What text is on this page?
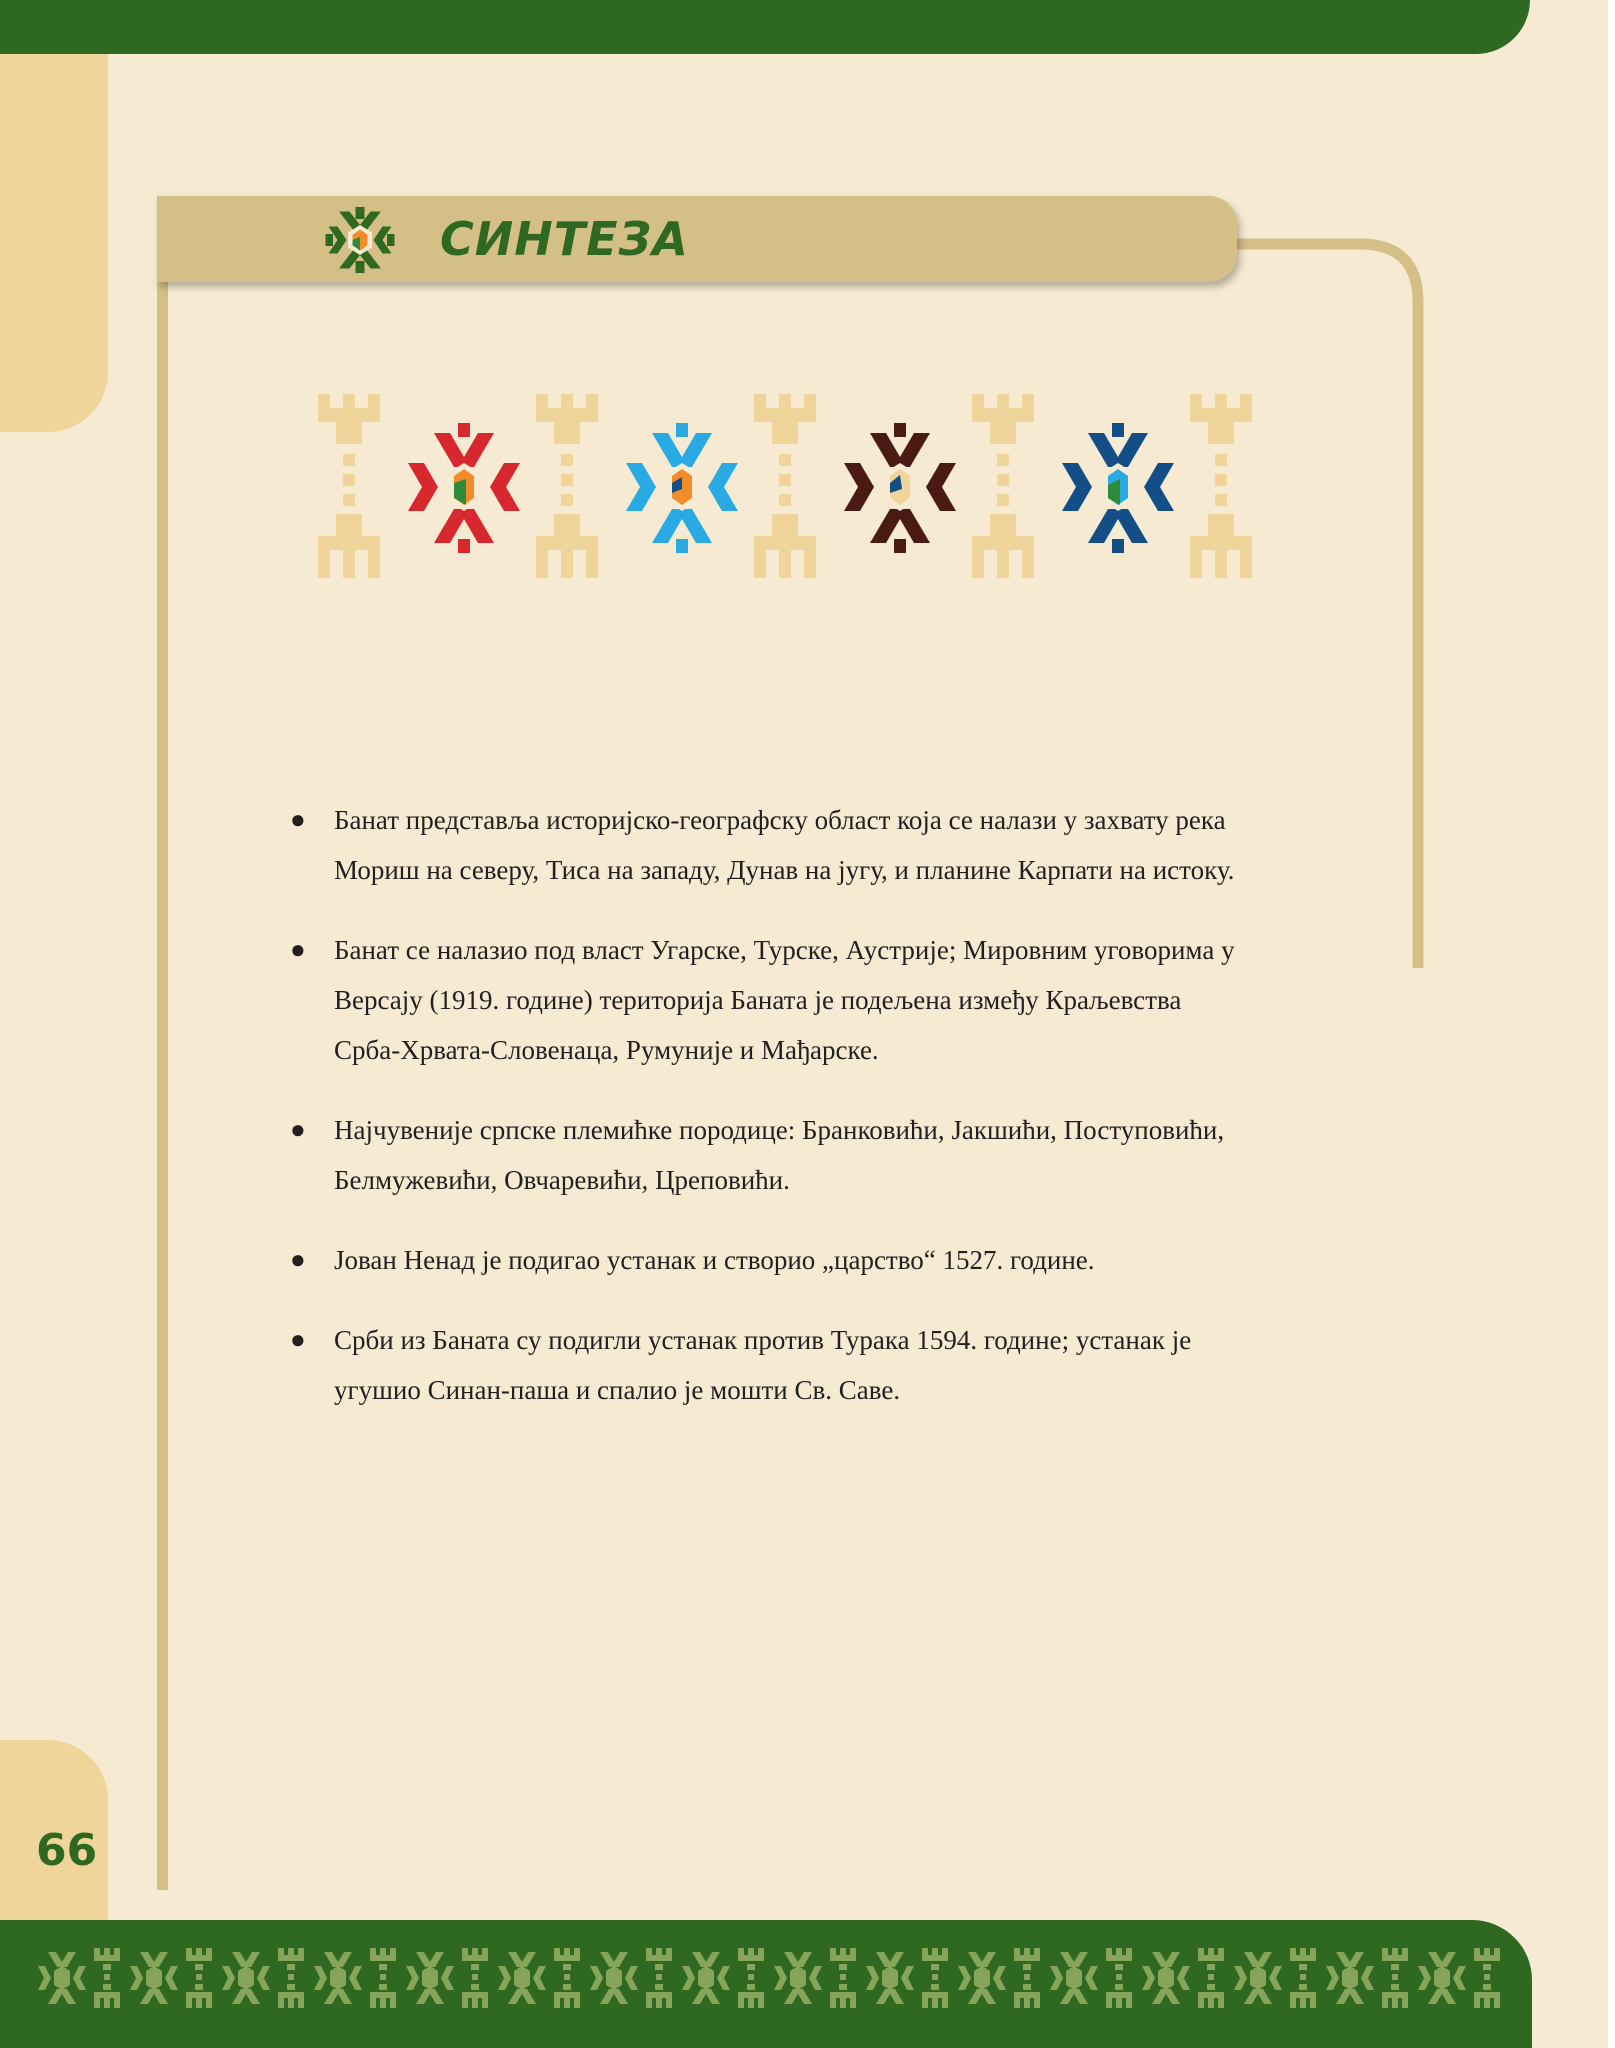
66
СИНТЕЗА
● Банат представља историјско-географску област која се налази у захвату река Мориш на северу, Тиса на западу, Дунав на југу, и планине Карпати на истоку.
● Банат се налазио под власт Угарске, Турске, Аустрије; Мировним уговорима у Версају (1919. године) територија Баната је подељена између Краљевства Срба-Хрвата-Словенаца, Румуније и Мађарске.
● Најчувеније српске племићке породице: Бранковићи, Јакшићи, Поступовићи, Белмужевићи, Овчаревићи, Црeповићи.
● Јован Ненад је подигао устанак и створио „царство“ 1527. године.
● Срби из Баната су подигли устанак против Турака 1594. године; устанак је угушио Синан-паша и спалио је мошти Св. Саве.
